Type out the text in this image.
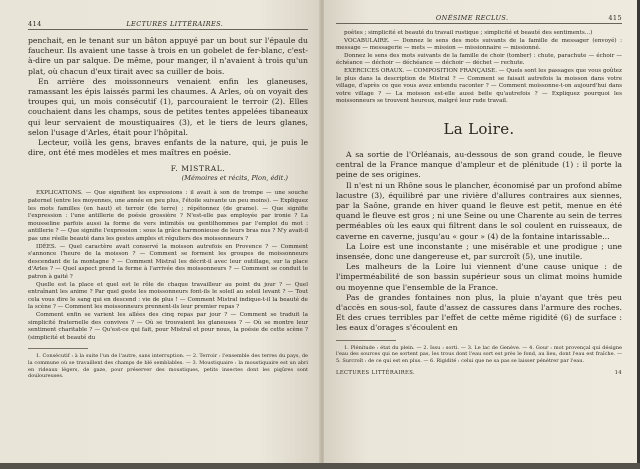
414	LECTURES LITTÉRAIRES.

penchait, en le tenant sur un bâton appuyé par un bout sur l'épaule du faucheur. Ils avaient une tasse à trois en un gobelet de fer-blanc, c'est-à-dire un par salque. De même, pour manger, il n'avaient à trois qu'un plat, où chacun d'eux tirait avec sa cuiller de bois.

En arrière des moissonneurs venaient enfin les glaneuses, ramassant les épis laissés parmi les chaumes. A Arles, où on voyait des troupes qui, un mois consécutif (1), parcouraient le terroir (2). Elles couchaient dans les champs, sous de petites tentes appelées tibaneaux qui leur servaient de moustiquaires (3), et le tiers de leurs glanes, selon l'usage d'Arles, était pour l'hôpital.

Lecteur, voilà les gens, braves enfants de la nature, qui, je puis le dire, ont été mes modèles et mes maîtres en poésie.

F. MISTRAL.
(Mémoires et récits, Plon, édit.)

EXPLICATIONS. — Que signifient les expressions : il avait à son de trompe — une souche paternel (entre les moyennes, une année en peu plus, l'étoile suivante un peu moins). — Expliquez les mots familles (en haut) et terroir (de terre) ; répétonnez (de grame). — Que signifie l'expression : l'une antillerie de poésie grossière ? N'est-elle pas employée par ironie ? La mousseline parfois aussi la forme de vers intimités ou gentilhommes par l'emploi du mot : antillerie ? — Que signifie l'expression : sous la grâce harmonieuse de leurs bras nus ? N'y avait-il pas une réelle beauté dans les gestes amples et réguliers des moissonneurs ?

IDÉES. — Quel caractère avait conservé la moisson autrefois en Provence ? — Comment s'annonce l'heure de la moisson ? — Comment se forment les groupes de moissonneurs descendant de la montagne ? — Comment Mistral les décrit-il avec leur outillage, sur la place d'Arles ? — Quel aspect prend la ferme à l'arrivée des moissonneurs ? — Comment se conduit le patron à gaité ?

Quelle est la place et quel est le rôle de chaque travailleur au point du jour ? — Quel entraînant les anime ? Par quel geste les moissonneurs font-ils le soleil au soleil levant ? — Tout cela vous dire le sang qui en descend : vie de plus ! — Comment Mistral indique-t-il la beauté de la scène ? — Comment les moissonneurs prennent-ils leur premier repas ?

Comment enfin se varient les allées des cinq repas par jour ? — Comment se traduit la simplicité fraternelle des convives ? — Où se trouvaient les glaneuses ? — Où se montre leur sentiment charitable ? — Qu'est-ce qui fait, pour Mistral et pour nous, la poésie de cette scène ? (simplicité et beauté du

1. Consécutif : à la suite l'un de l'autre, sans interruption. — 2. Terroir : l'ensemble des terres du pays, de la commune où se travaillent des champs de blé semblables. — 3. Moustiquaire : la moustiquaire est un abri en rideaux légers, de gaze, pour préserver des moustiques, petits insectes dont les piqûres sont douloureuses.

ONÉSIME RECLUS.	415

poètes ; simplicité et beauté du travail rustique ; simplicité et beauté des sentiments...)

VOCABULAIRE. — Donnez le sens des mots suivants de la famille de messager (envoyé) : message — messagerie — mets — mission — missionnaire — missionné.

Donnez le sens des mots suivants de la famille de choir (tomber) : chute, parachute — échoir — échéance — déchoir — déchéance — déchoir — déchet — rechute.

EXERCICES ORAUX. — COMPOSITION FRANÇAISE. — Quels sont les passages que vous goûtez le plus dans la description de Mistral ? — Comment se faisait autrefois la moisson dans votre village, d'après ce que vous avez entendu raconter ? — Comment moissonne-t-on aujourd'hui dans votre village ? — La moisson est-elle aussi belle qu'autrefois ? — Expliquez pourquoi les moissonneurs se trouvent heureux, malgré leur rude travail.

La Loire.

A sa sortie de l'Orléanais, au-dessous de son grand coude, le fleuve central de la France manque d'ampleur et de plénitude (1) : il porte la peine de ses origines.

Il n'est ni un Rhône sous le plancher, économisé par un profond abîme lacustre (3), équilibré par une rivière d'allures contraires aux siennes, par la Saône, grande en hiver quand le fleuve est petit, menue en été quand le fleuve est gros ; ni une Seine ou une Charente au sein de terres perméables où les eaux qui filtrent dans le sol coulent en ruisseaux, de caverne en caverne, jusqu'au « gour » (4) de la fontaine intarissable...

La Loire est une inconstante ; une misérable et une prodigue ; une insensée, donc une dangereuse et, par surcroît (5), une inutile.

Les malheurs de la Loire lui viennent d'une cause unique : de l'imperméabilité de son bassin supérieur sous un climat moins humide ou moyenne que l'ensemble de la France.

Pas de grandes fontaines non plus, la pluie n'ayant que très peu d'accès en sous-sol, faute d'assez de cassures dans l'armure des roches. Et des crues terribles par l'effet de cette même rigidité (6) de surface : les eaux d'orages s'écoulent en

1. Plénitude : état du plein. — 2. Issu : sorti. — 3. Le lac de Genève. — 4. Gour : mot provençal qui désigne l'eau des sources qui ne sortent pas, les trous dont l'eau sort est près le fond, au lieu, dont l'eau est fraîche. — 5. Surcroît : de ce qui est en plus. — 6. Rigidité : celui que ne sa pas se laisser pénétrer par l'eau.

LECTURES LITTÉRAIRES.	14
